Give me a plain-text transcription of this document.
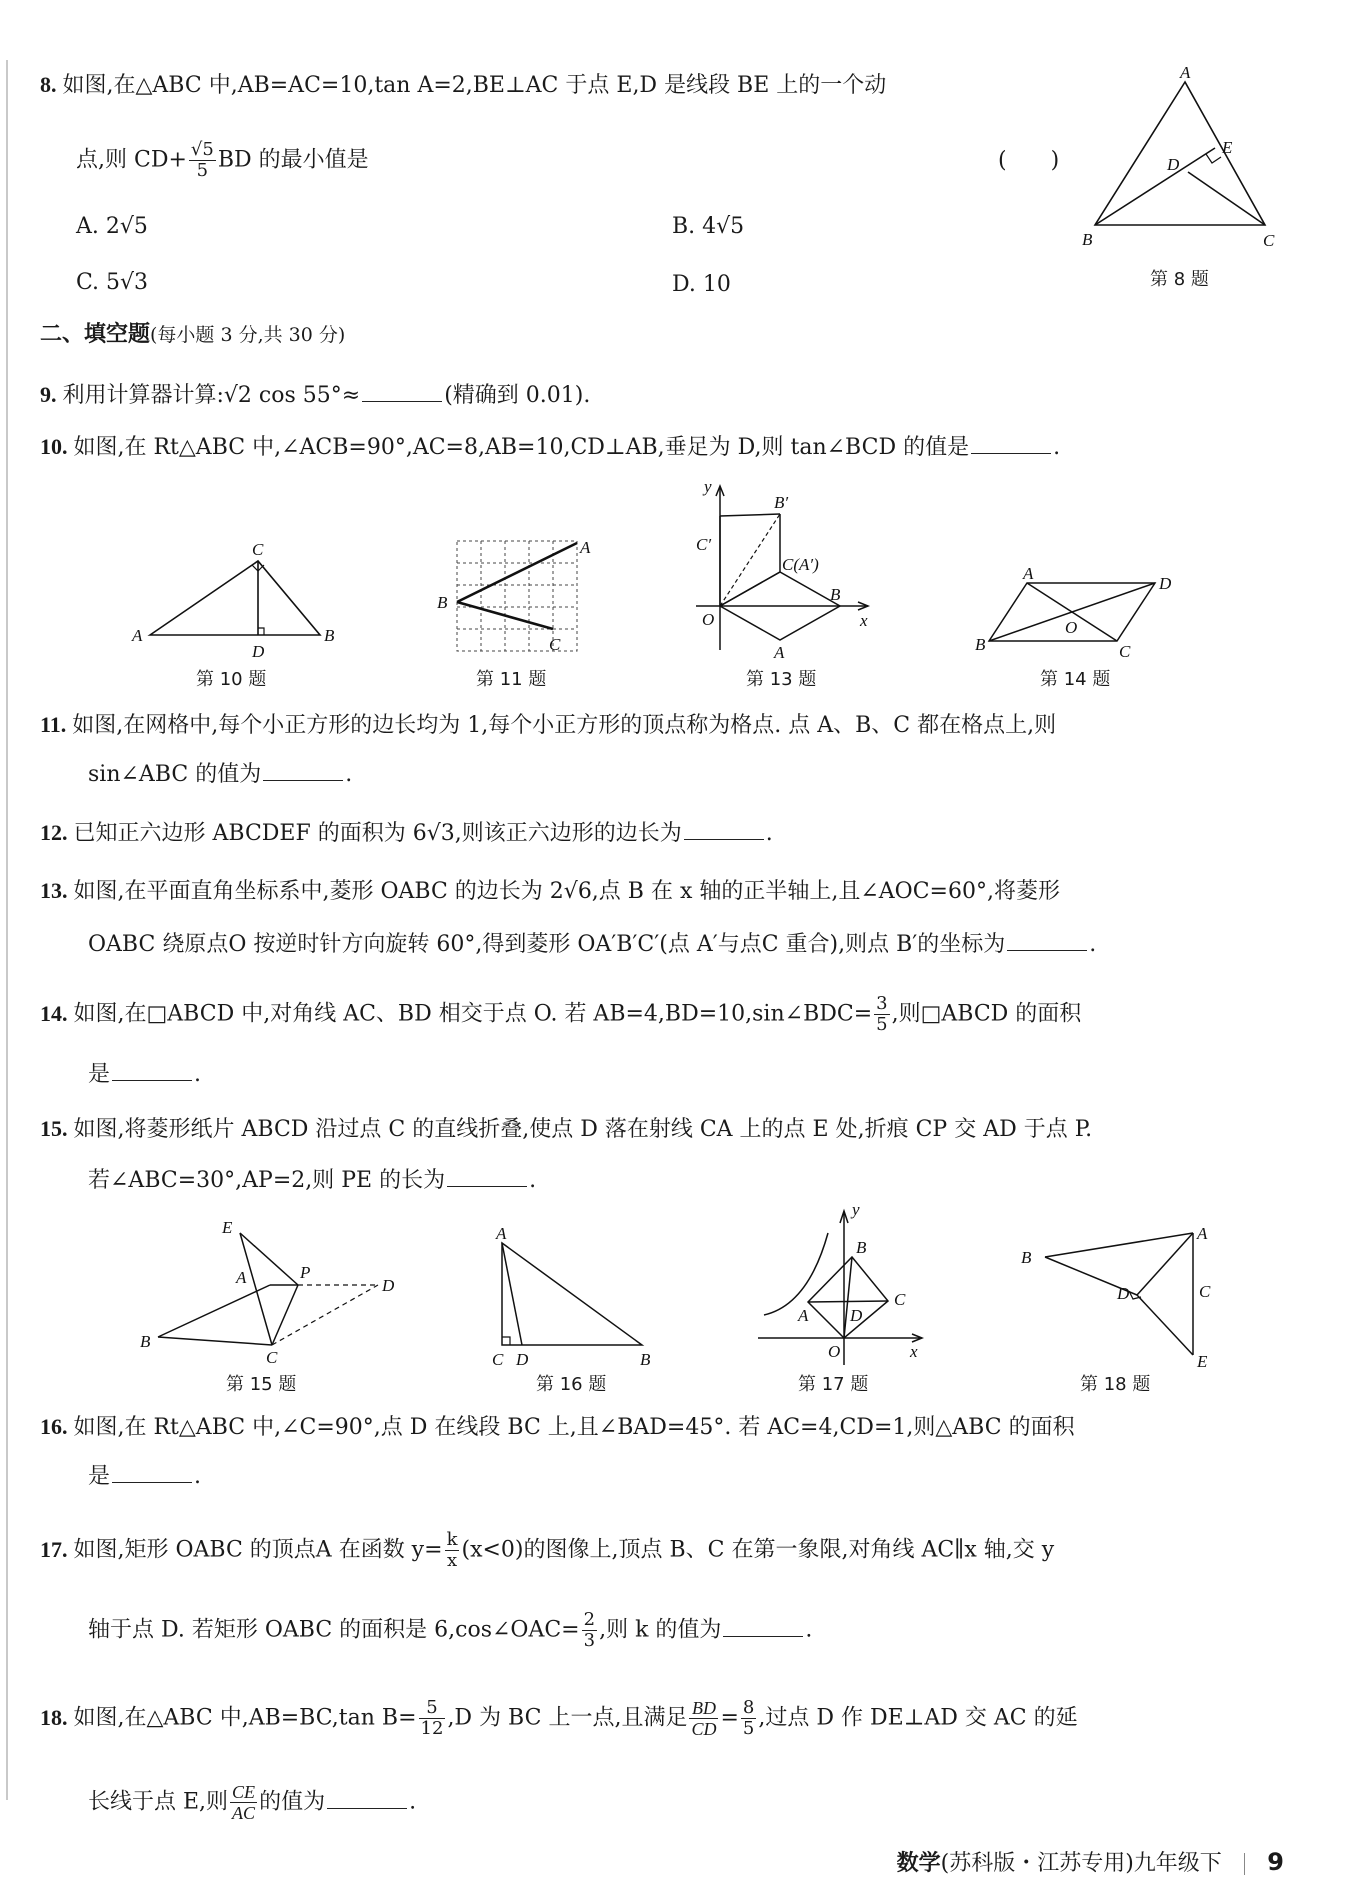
8. 如图,在△ABC 中,AB=AC=10,tan A=2,BE⊥AC 于点 E,D 是线段 BE 上的一个动
点,则 $CD+ \frac{√5}{5}$ BD 的最小值是	(　　)
A. 2√5	B. 4√5
C. 5√3	D. 10
A
B	C
D
E
第 8 题
二、填空题(每小题 3 分,共 30 分)
9. 利用计算器计算:√2 cos 55°≈	(精确到 0.01).
10. 如图,在 Rt△ABC 中,∠ACB=90°,AC=8,AB=10,CD⊥AB,垂足为 D,则 tan∠BCD 的值是	.
A
C
D
B
第 10 题
A
B
C
第 11 题
y
x
O
A
B
B′
C′
C(A′)
第 13 题
A
D
B	C
O
第 14 题
11. 如图,在网格中,每个小正方形的边长均为 1,每个小正方形的顶点称为格点. 点 A、B、C 都在格点上,则
sin∠ABC 的值为	.
12. 已知正六边形 ABCDEF 的面积为 6√3,则该正六边形的边长为	.
13. 如图,在平面直角坐标系中,菱形 OABC 的边长为 2√6,点 B 在 x 轴的正半轴上,且∠AOC=60°,将菱形
OABC 绕原点O 按逆时针方向旋转 60°,得到菱形 OA′B′C′(点 A′与点C 重合),则点 B′的坐标为	.
14. 如图,在□ABCD 中,对角线 AC、BD 相交于点 O. 若 AB=4,BD=10,sin∠BDC= $\frac{3}{5}$ ,则□ABCD 的面积
是	.
15. 如图,将菱形纸片 ABCD 沿过点 C 的直线折叠,使点 D 落在射线 CA 上的点 E 处,折痕 CP 交 AD 于点 P.
若∠ABC=30°,AP=2,则 PE 的长为	.
E
A	P
D
B
C
第 15 题
A
C D	B
第 16 题
y
B
C
A D
O	x
第 17 题
B
A
C
D
E
第 18 题
16. 如图,在 Rt△ABC 中,∠C=90°,点 D 在线段 BC 上,且∠BAD=45°. 若 AC=4,CD=1,则△ABC 的面积
是	.
17. 如图,矩形 OABC 的顶点A 在函数 $y= \frac{k}{x} (x<0)$的图像上,顶点 B、C 在第一象限,对角线 AC∥x 轴,交 y
轴于点 D. 若矩形 OABC 的面积是 6,cos∠OAC= $\frac{2}{3}$ ,则 k 的值为	.
18. 如图,在△ABC 中,AB=BC,tan $B= \frac{5}{12} ,D$ 为 BC 上一点,且满足 $\frac{BD}{CD} = \frac{8}{5}$ ,过点 D 作 DE⊥AD 交 AC 的延
长线于点 E,则 $\frac{CE}{AC}$ 的值为	.
数学(苏科版・江苏专用)九年级下 9
